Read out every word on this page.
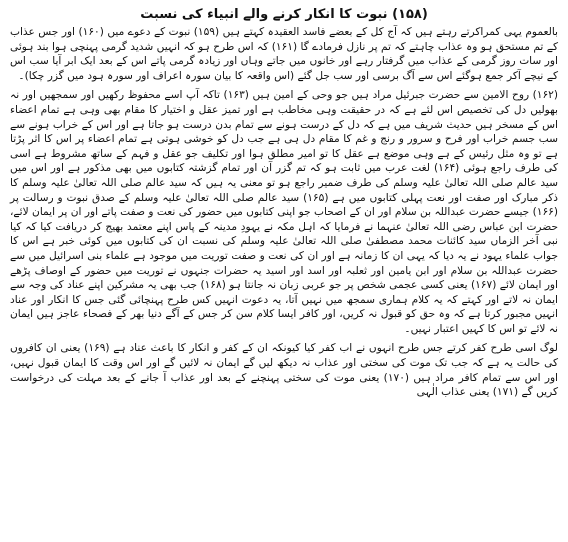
(۱۵۸) نبوت کا انکار کرنے والے انبیاء کی نسبت

بالعموم یہی کمراکرتے رہتے ہیں کہ آج کل کے بعضے فاسد العقیدہ کہتے ہیں (۱۵۹) نبوت کے دعوے میں (۱۶۰) اور جس عذاب کے تم مستحق ہو وہ عذاب چاہتے کہ تم پر نازل فرمادے گا (۱۶۱) کہ اس طرح ہو کہ انہیں شدید گرمی پہنچی ہوا بند ہوئی اور سات روز گرمی کے عذاب میں گرفتار رہے اور خانوں میں جاتے وہاں اور زیادہ گرمی پاتے اس کے بعد ایک ابر آیا سب اس کے نیچے آکر جمع ہوگئے اس سے آگ برسی اور سب جل گئے (اس واقعہ کا بیان سورہ اعراف اور سورہ ہود میں گزر چکا)۔

(۱۶۲) روح الامین سے حضرت جبرئیل مراد ہیں جو وحی کے امین ہیں (۱۶۳) تاکہ آپ اسے محفوظ رکھیں اور سمجھیں اور نہ بھولیں دل کی تخصیص اس لئے ہے کہ در حقیقت وہی مخاطب ہے اور تمیز عقل و اختیار کا مقام بھی وہی ہے تمام اعضاء اس کے مسخر ہیں حدیث شریف میں ہے کہ دل کے درست ہونے سے تمام بدن درست ہو جاتا ہے اور اس کے خراب ہونے سے سب جسم خراب اور فرح و سرور و رنج و غم کا مقام دل ہی ہے جب دل کو خوشی ہوتی ہے تمام اعضاء پر اس کا اثر پڑتا ہے تو وہ مثل رئیس کے ہے وہی موضع ہے عقل کا تو امیر مطلق ہوا اور تکلیف جو عقل و فہم کے ساتھ مشروط ہے اسی کی طرف راجع ہوئی (۱۶۴) لغت عرب میں ثابت ہو کہ تم گزر آن اور تمام گزشتہ کتابوں میں بھی مذکور ہے اور اس میں سید عالم صلی اللہ تعالیٰ علیہ وسلم کی طرف ضمیر راجع ہو تو معنی یہ ہیں کہ سید عالم صلی اللہ تعالیٰ علیہ وسلم کا ذکر مبارک اور صفت اور نعت پہلی کتابوں میں ہے (۱۶۵) سید عالم صلی اللہ تعالیٰ علیہ وسلم کے صدق نبوت و رسالت پر (۱۶۶) جیسے حضرت عبداللہ بن سلام اور ان کے اصحاب جو اپنی کتابوں میں حضور کی نعت و صفت پاتے اور ان پر ایمان لائے، حضرت ابن عباس رضی اللہ تعالیٰ عنہما نے فرمایا کہ اہل مکہ نے یہودِ مدینہ کے پاس اپنے معتمد بھیج کر دریافت کیا کہ کیا نبی آخر الزماں سید کائنات محمد مصطفیٰ صلی اللہ تعالیٰ علیہ وسلم کی نسبت ان کی کتابوں میں کوئی خبر ہے اس کا جواب علماء یہود نے یہ دیا کہ یہی ان کا زمانہ ہے اور ان کی نعت و صفت توریت میں موجود ہے علماء بنی اسرائیل میں سے حضرت عبداللہ بن سلام اور ابن یامین اور ثعلبہ اور اسد اور اسید یہ حضرات جنہوں نے توریت میں حضور کے اوصاف پڑھے اور ایمان لائے (۱۶۷) یعنی کسی عجمی شخص پر جو عربی زبان نہ جانتا ہو (۱۶۸) جب بھی یہ مشرکین اپنے عناد کی وجہ سے ایمان نہ لاتے اور کہتے کہ یہ کلام ہماری سمجھ میں نہیں آتا، یہ دعوت انہیں کس طرح پہنچائی گئی جس کا انکار اور عناد انہیں مجبور کرتا ہے کہ وہ حق کو قبول نہ کریں، اور کافر ایسا کلام سن کر جس کے آگے دنیا بھر کے فصحاء عاجز ہیں ایمان نہ لائے تو اس کا کہیں اعتبار نہیں۔

لوگ اسی طرح کفر کرتے جس طرح انہوں نے اب کفر کیا کیونکہ ان کے کفر و انکار کا باعث عناد ہے (۱۶۹) یعنی ان کافروں کی حالت یہ ہے کہ جب تک موت کی سختی اور عذاب نہ دیکھ لیں گے ایمان نہ لائیں گے اور اس وقت کا ایمان قبول نہیں، اور اس سے تمام کافر مراد ہیں (۱۷۰) یعنی موت کی سختی پہنچنے کے بعد اور عذاب آ جانے کے بعد مہلت کی درخواست کریں گے (۱۷۱) یعنی عذاب الٰہی
